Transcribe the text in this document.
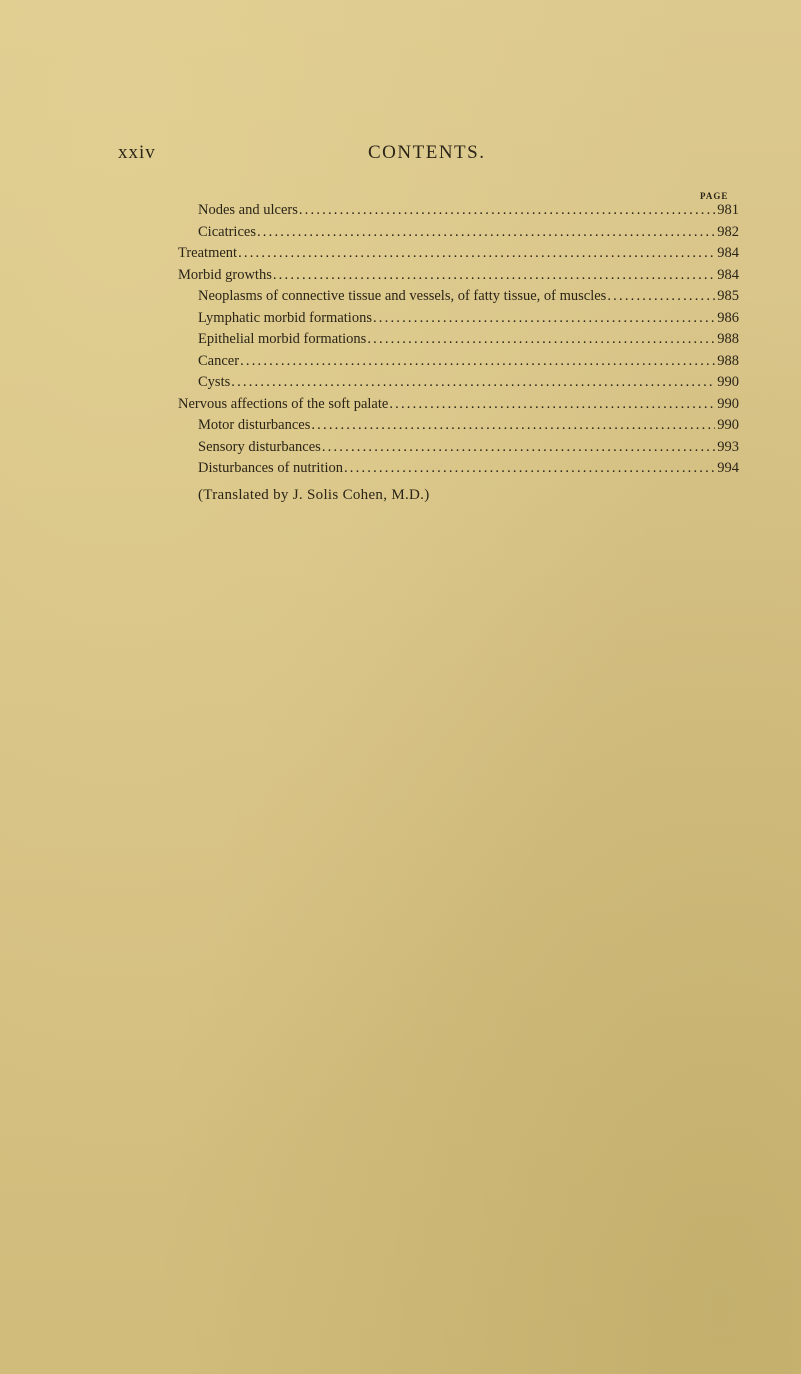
xxiv	CONTENTS.
PAGE
Nodes and ulcers .....	981
Cicatrices .....	982
Treatment .....	984
Morbid growths .....	984
Neoplasms of connective tissue and vessels, of fatty tissue, of muscles .....	985
Lymphatic morbid formations .....	986
Epithelial morbid formations .....	988
Cancer .....	988
Cysts .....	990
Nervous affections of the soft palate .....	990
Motor disturbances .....	990
Sensory disturbances .....	993
Disturbances of nutrition .....	994
(Translated by J. Solis Cohen, M.D.)
